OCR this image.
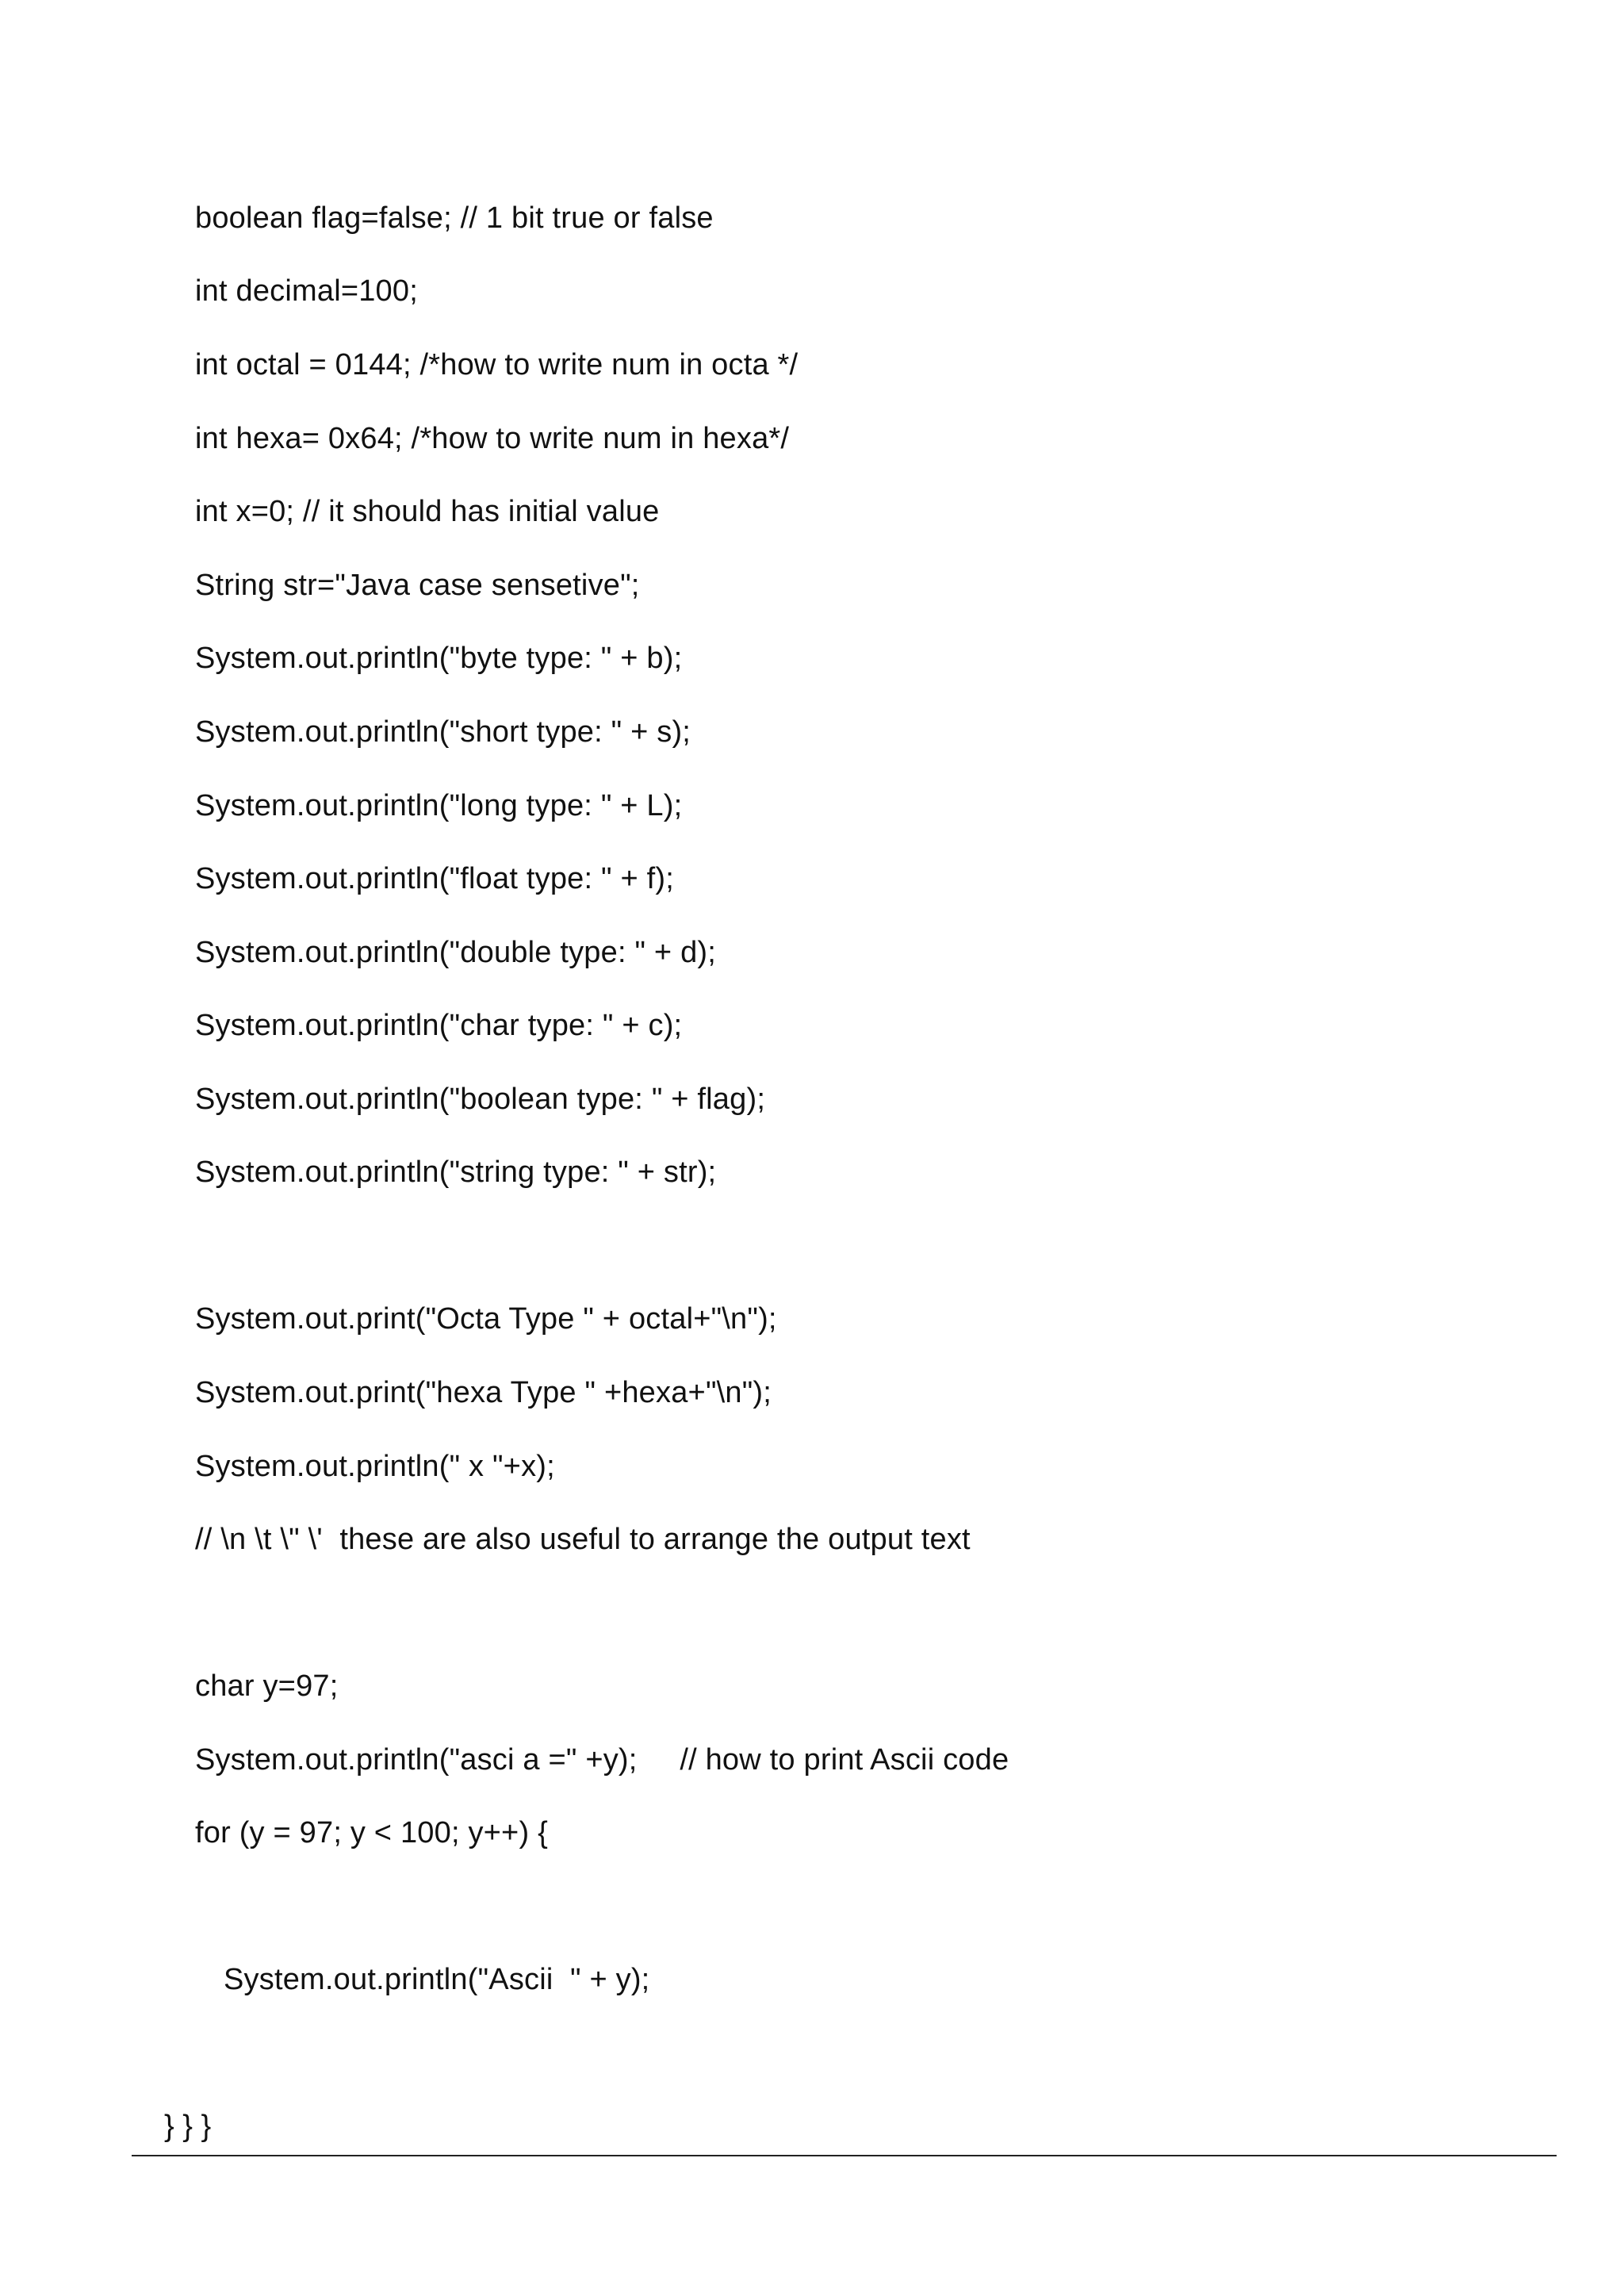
boolean flag=false; // 1 bit true or false
int decimal=100;
int octal = 0144; /*how to write num in octa */
int hexa= 0x64; /*how to write num in hexa*/
int x=0; // it should has initial value
String str="Java case sensetive";
System.out.println("byte type: " + b);
System.out.println("short type: " + s);
System.out.println("long type: " + L);
System.out.println("float type: " + f);
System.out.println("double type: " + d);
System.out.println("char type: " + c);
System.out.println("boolean type: " + flag);
System.out.println("string type: " + str);
System.out.print("Octa Type " + octal+"\n");
System.out.print("hexa Type " +hexa+"\n");
System.out.println(" x "+x);
// \n \t \" \'  these are also useful to arrange the output text
char y=97;
System.out.println("asci a =" +y);     // how to print Ascii code
for (y = 97; y < 100; y++) {
System.out.println("Ascii  " + y);
} } }
